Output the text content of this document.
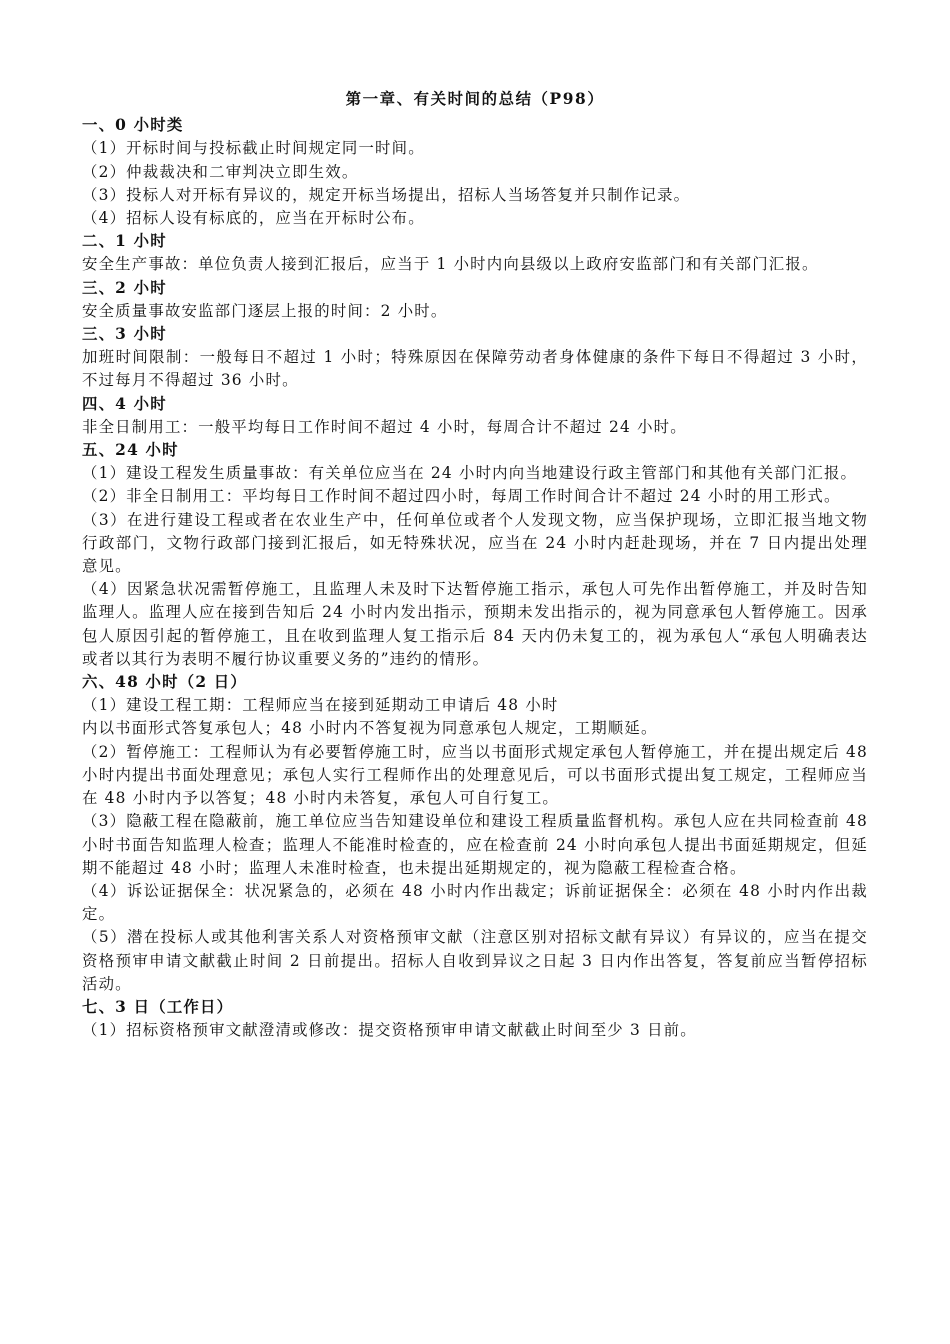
第一章、有关时间的总结（P98）
一、0 小时类
（1）开标时间与投标截止时间规定同一时间。
（2）仲裁裁决和二审判决立即生效。
（3）投标人对开标有异议的，规定开标当场提出，招标人当场答复并只制作记录。
（4）招标人设有标底的，应当在开标时公布。
二、1 小时
安全生产事故：单位负责人接到汇报后，应当于 1 小时内向县级以上政府安监部门和有关部门汇报。
三、2 小时
安全质量事故安监部门逐层上报的时间：2 小时。
三、3 小时
加班时间限制：一般每日不超过 1 小时；特殊原因在保障劳动者身体健康的条件下每日不得超过 3 小时，不过每月不得超过 36 小时。
四、4 小时
非全日制用工：一般平均每日工作时间不超过 4 小时，每周合计不超过 24 小时。
五、24 小时
（1）建设工程发生质量事故：有关单位应当在 24 小时内向当地建设行政主管部门和其他有关部门汇报。
（2）非全日制用工：平均每日工作时间不超过四小时，每周工作时间合计不超过 24 小时的用工形式。
（3）在进行建设工程或者在农业生产中，任何单位或者个人发现文物，应当保护现场，立即汇报当地文物行政部门，文物行政部门接到汇报后，如无特殊状况，应当在 24 小时内赶赴现场，并在 7 日内提出处理意见。
（4）因紧急状况需暂停施工，且监理人未及时下达暂停施工指示，承包人可先作出暂停施工，并及时告知监理人。监理人应在接到告知后 24 小时内发出指示，预期未发出指示的，视为同意承包人暂停施工。因承包人原因引起的暂停施工，且在收到监理人复工指示后 84 天内仍未复工的，视为承包人“承包人明确表达或者以其行为表明不履行协议重要义务的”违约的情形。
六、48 小时（2 日）
（1）建设工程工期：工程师应当在接到延期动工申请后 48 小时
内以书面形式答复承包人；48 小时内不答复视为同意承包人规定，工期顺延。
（2）暂停施工：工程师认为有必要暂停施工时，应当以书面形式规定承包人暂停施工，并在提出规定后 48 小时内提出书面处理意见；承包人实行工程师作出的处理意见后，可以书面形式提出复工规定，工程师应当在 48 小时内予以答复；48 小时内未答复，承包人可自行复工。
（3）隐蔽工程在隐蔽前，施工单位应当告知建设单位和建设工程质量监督机构。承包人应在共同检查前 48 小时书面告知监理人检查；监理人不能准时检查的，应在检查前 24 小时向承包人提出书面延期规定，但延期不能超过 48 小时；监理人未准时检查，也未提出延期规定的，视为隐蔽工程检查合格。
（4）诉讼证据保全：状况紧急的，必须在 48 小时内作出裁定；诉前证据保全：必须在 48 小时内作出裁定。
（5）潜在投标人或其他利害关系人对资格预审文献（注意区别对招标文献有异议）有异议的，应当在提交资格预审申请文献截止时间 2 日前提出。招标人自收到异议之日起 3 日内作出答复，答复前应当暂停招标活动。
七、3 日（工作日）
（1）招标资格预审文献澄清或修改：提交资格预审申请文献截止时间至少 3 日前。
